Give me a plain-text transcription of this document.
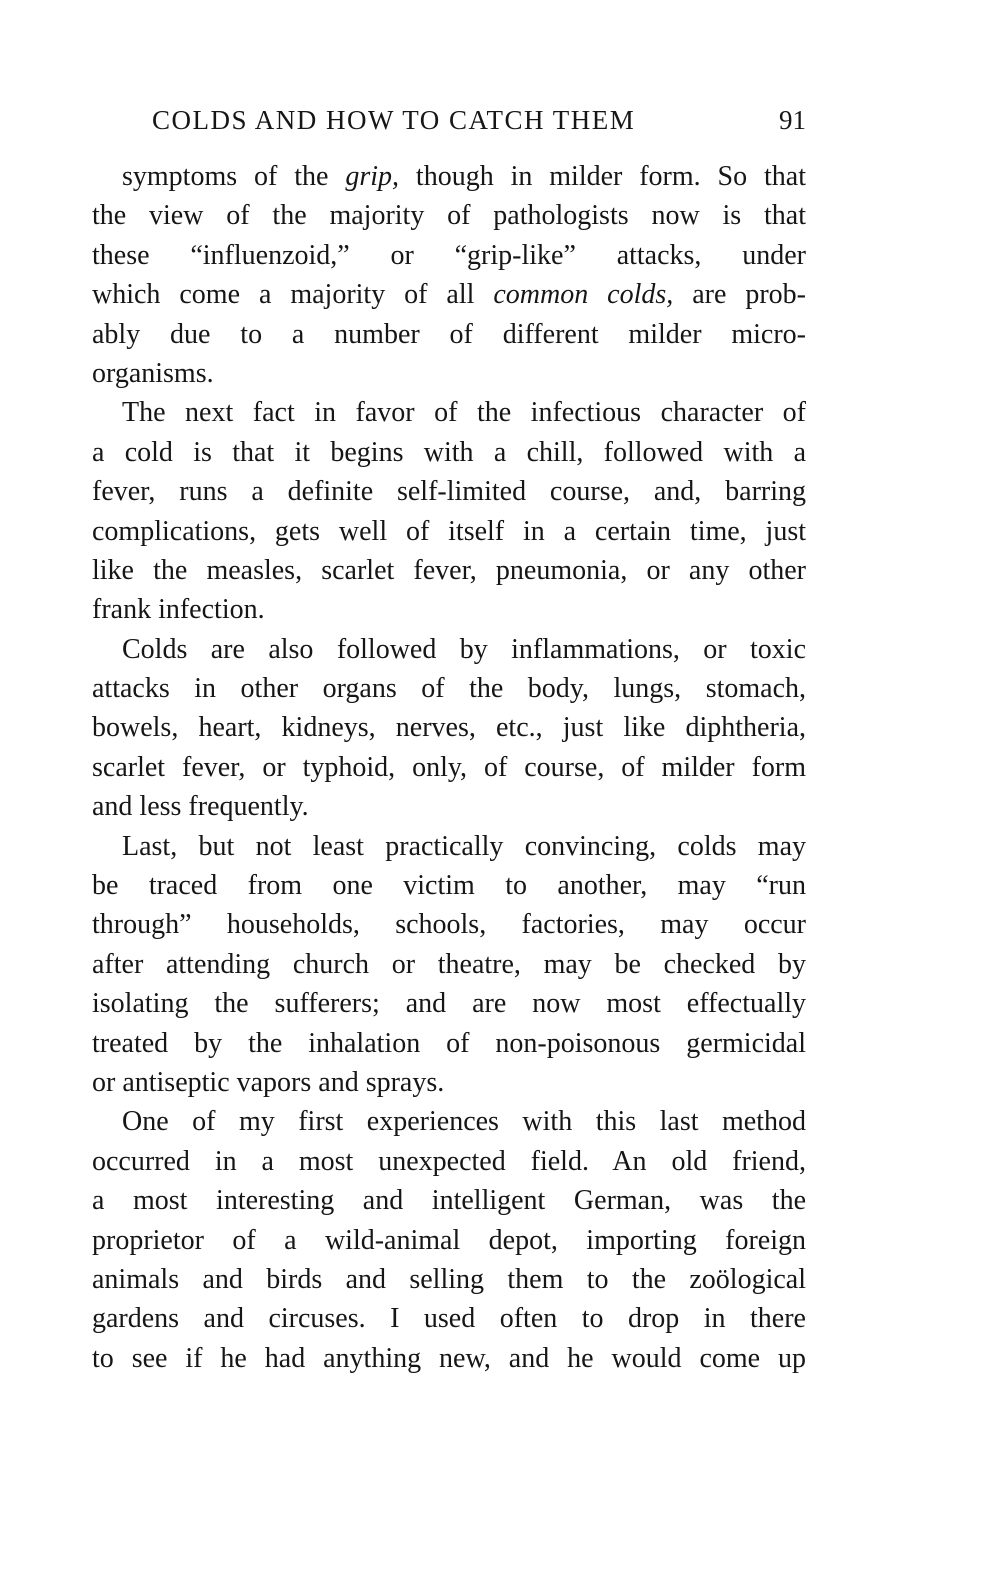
COLDS AND HOW TO CATCH THEM	91
symptoms of the grip, though in milder form. So that
the view of the majority of pathologists now is that
these “influenzoid,” or “grip-like” attacks, under
which come a majority of all common colds, are prob-
ably due to a number of different milder micro-
organisms.
The next fact in favor of the infectious character of
a cold is that it begins with a chill, followed with a
fever, runs a definite self-limited course, and, barring
complications, gets well of itself in a certain time, just
like the measles, scarlet fever, pneumonia, or any other
frank infection.
Colds are also followed by inflammations, or toxic
attacks in other organs of the body, lungs, stomach,
bowels, heart, kidneys, nerves, etc., just like diphtheria,
scarlet fever, or typhoid, only, of course, of milder form
and less frequently.
Last, but not least practically convincing, colds may
be traced from one victim to another, may “run
through” households, schools, factories, may occur
after attending church or theatre, may be checked by
isolating the sufferers; and are now most effectually
treated by the inhalation of non-poisonous germicidal
or antiseptic vapors and sprays.
One of my first experiences with this last method
occurred in a most unexpected field. An old friend,
a most interesting and intelligent German, was the
proprietor of a wild-animal depot, importing foreign
animals and birds and selling them to the zoölogical
gardens and circuses. I used often to drop in there
to see if he had anything new, and he would come up
